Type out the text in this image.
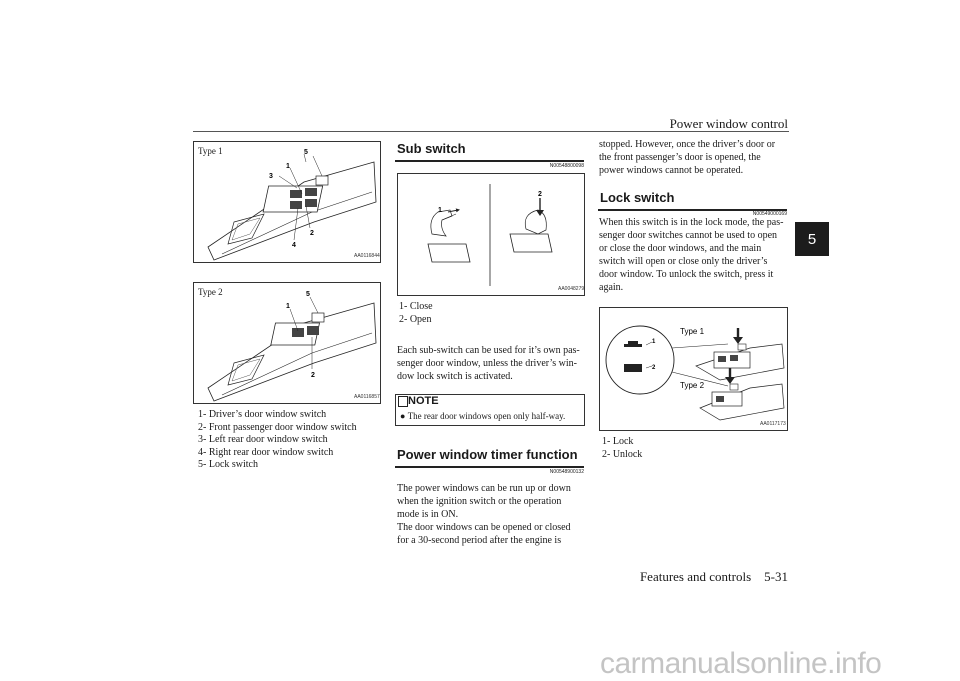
Power window control
5
Type 1
1
2
3
4
5
AA0116844
Type 2
1
2
5
AA0116857
1- Driver’s door window switch
2- Front passenger door window switch
3- Left rear door window switch
4- Right rear door window switch
5- Lock switch
Sub switch
N00548800098
1
2
AA0048279
1- Close
2- Open
Each sub-switch can be used for it’s own pas-
senger door window, unless the driver’s win-
dow lock switch is activated.
NOTE
● The rear door windows open only half-way.
Power window timer function
N00548900132
The power windows can be run up or down
when the ignition switch or the operation
mode is in ON.
The door windows can be opened or closed
for a 30-second period after the engine is
stopped. However, once the driver’s door or
the front passenger’s door is opened, the
power windows cannot be operated.
Lock switch
N00549000169
When this switch is in the lock mode, the pas-
senger door switches cannot be used to open
or close the door windows, and the main
switch will open or close only the driver’s
door window. To unlock the switch, press it
again.
1
2
Type 1
Type 2
AA0117173
1- Lock
2- Unlock
Features and controls 5-31
carmanualsonline.info
